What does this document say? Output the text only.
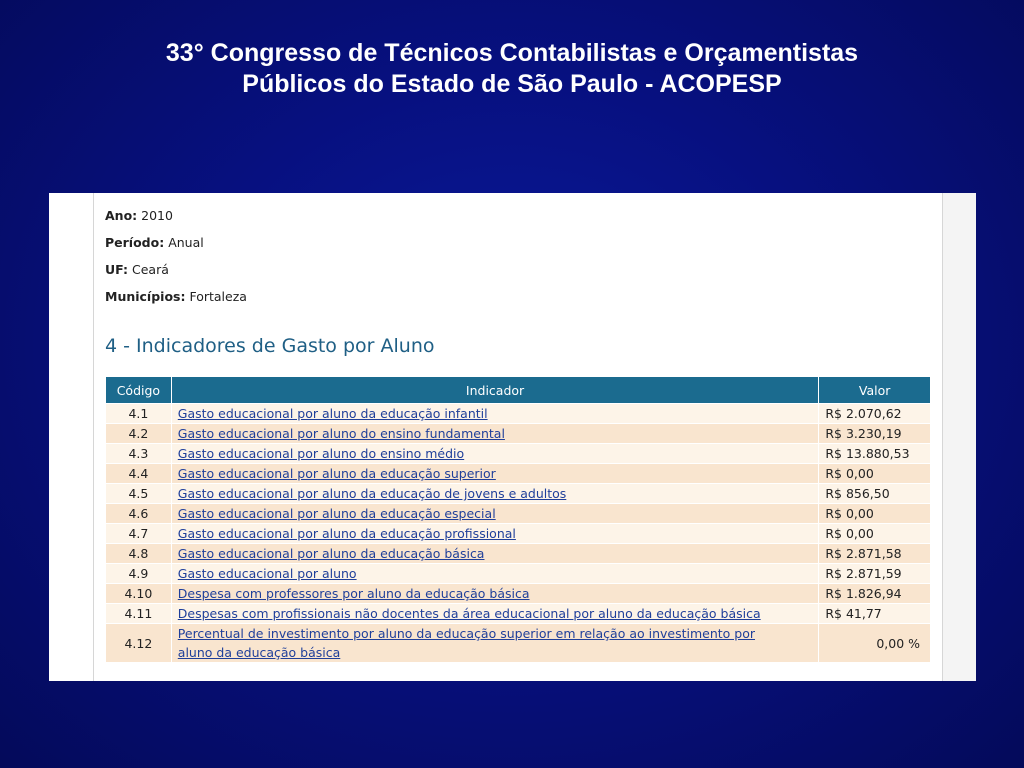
33° Congresso de Técnicos Contabilistas e Orçamentistas
Públicos do Estado de São Paulo - ACOPESP
Ano: 2010
Período: Anual
UF: Ceará
Municípios: Fortaleza
4 - Indicadores de Gasto por Aluno
Código	Indicador	Valor
4.1	Gasto educacional por aluno da educação infantil	R$ 2.070,62
4.2	Gasto educacional por aluno do ensino fundamental	R$ 3.230,19
4.3	Gasto educacional por aluno do ensino médio	R$ 13.880,53
4.4	Gasto educacional por aluno da educação superior	R$ 0,00
4.5	Gasto educacional por aluno da educação de jovens e adultos	R$ 856,50
4.6	Gasto educacional por aluno da educação especial	R$ 0,00
4.7	Gasto educacional por aluno da educação profissional	R$ 0,00
4.8	Gasto educacional por aluno da educação básica	R$ 2.871,58
4.9	Gasto educacional por aluno	R$ 2.871,59
4.10	Despesa com professores por aluno da educação básica	R$ 1.826,94
4.11	Despesas com profissionais não docentes da área educacional por aluno da educação básica	R$ 41,77
4.12	Percentual de investimento por aluno da educação superior em relação ao investimento por
aluno da educação básica	0,00 %
